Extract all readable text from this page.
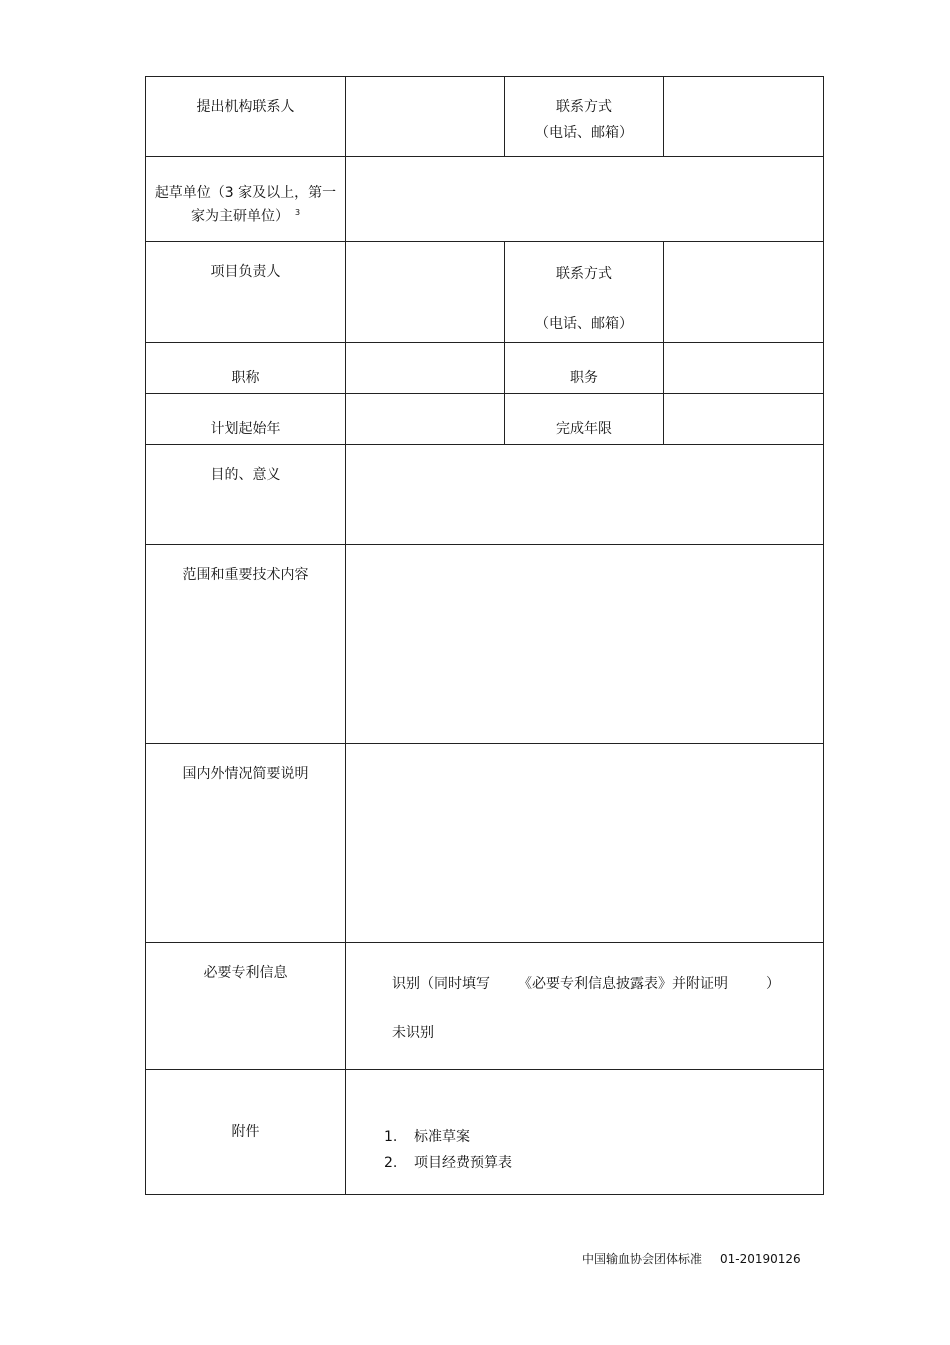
提出机构联系人		联系方式
（电话、邮箱）	

起草单位（3 家及以上，第一
家为主研单位） $^3$	
项目负责人		联系方式
（电话、邮箱）	

职称		职务	
计划起始年		完成年限	
目的、意义			
范围和重要技术内容			
国内外情况简要说明			
必要专利信息	识别（同时填写 《必要专利信息披露表》并附证明 ）
未识别		

附件	1. 标准草案
2. 项目经费预算表		
中国输血协会团体标准 01-20190126
